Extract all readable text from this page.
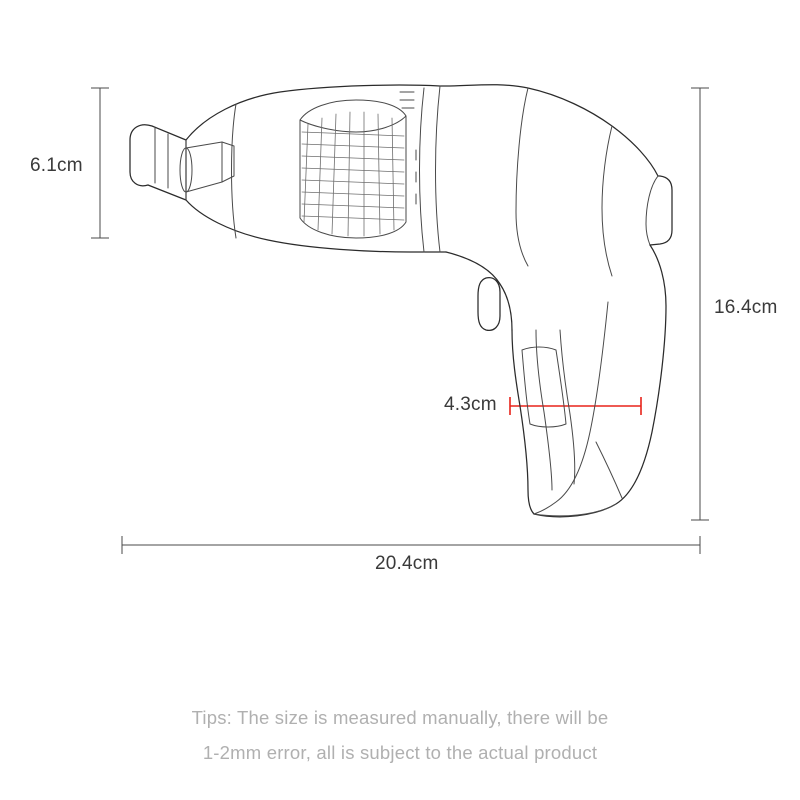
6.1cm
16.4cm
4.3cm
20.4cm
Tips: The size is measured manually, there will be
1-2mm error, all is subject to the actual product
